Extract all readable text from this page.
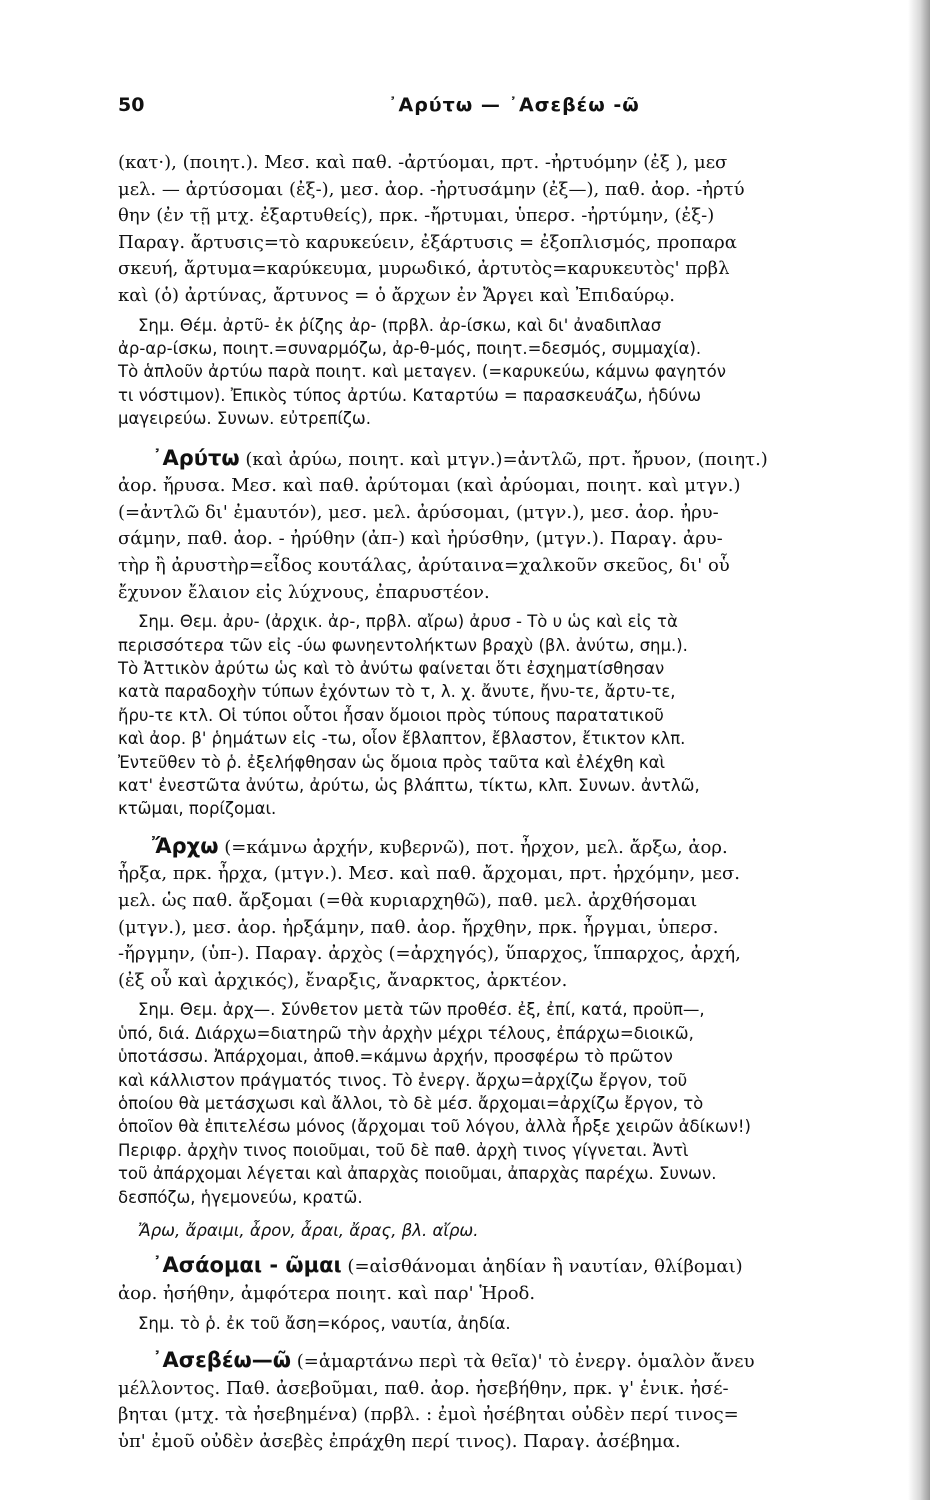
50	᾿Αρύτω — ᾿Ασεβέω -ῶ
(κατ·), (ποιητ.). Μεσ. καὶ παθ. -ἀρτύομαι, πρτ. -ἠρτυόμην (ἐξ ), μεσ
μελ. — ἀρτύσομαι (ἐξ-), μεσ. ἀορ. -ἠρτυσάμην (ἐξ—), παθ. ἀορ. -ἠρτύ
θην (ἐν τῇ μτχ. ἐξαρτυθείς), πρκ. -ἤρτυμαι, ὑπερσ. -ἠρτύμην, (ἐξ-)
Παραγ. ἄρτυσις=τὸ καρυκεύειν, ἐξάρτυσις = ἐξοπλισμός, προπαρα
σκευή, ἄρτυμα=καρύκευμα, μυρωδικό, ἀρτυτὸς=καρυκευτὸς' πρβλ
καὶ (ὁ) ἀρτύνας, ἄρτυνος = ὁ ἄρχων ἐν Ἄργει καὶ Ἐπιδαύρῳ.
Σημ. Θέμ. ἀρτῦ- ἐκ ῥίζης ἀρ- (πρβλ. ἀρ-ίσκω, καὶ δι' ἀναδιπλασ
ἀρ-αρ-ίσκω, ποιητ.=συναρμόζω, ἀρ-θ-μός, ποιητ.=δεσμός, συμμαχία).
Τὸ ἁπλοῦν ἀρτύω παρὰ ποιητ. καὶ μεταγεν. (=καρυκεύω, κάμνω φαγητόν
τι νόστιμον). Ἐπικὸς τύπος ἀρτύω. Καταρτύω = παρασκευάζω, ἡδύνω
μαγειρεύω. Συνων. εὐτρεπίζω.
᾿Αρύτω (καὶ ἀρύω, ποιητ. καὶ μτγν.)=ἀντλῶ, πρτ. ἤρυον, (ποιητ.)
ἀορ. ἤρυσα. Μεσ. καὶ παθ. ἀρύτομαι (καὶ ἀρύομαι, ποιητ. καὶ μτγν.)
(=ἀντλῶ δι' ἐμαυτόν), μεσ. μελ. ἀρύσομαι, (μτγν.), μεσ. ἀορ. ἠρυ-
σάμην, παθ. ἀορ. - ἠρύθην (ἀπ-) καὶ ἠρύσθην, (μτγν.). Παραγ. ἀρυ-
τὴρ ἢ ἀρυστὴρ=εἶδος κουτάλας, ἀρύταινα=χαλκοῦν σκεῦος, δι' οὗ
ἔχυνον ἔλαιον εἰς λύχνους, ἐπαρυστέον.
Σημ. Θεμ. ἀρυ- (ἀρχικ. ἀρ-, πρβλ. αἴρω) ἀρυσ - Τὸ υ ὡς καὶ εἰς τὰ
περισσότερα τῶν εἰς -ύω φωνηεντολήκτων βραχὺ (βλ. ἀνύτω, σημ.).
Τὸ Ἀττικὸν ἀρύτω ὡς καὶ τὸ ἀνύτω φαίνεται ὅτι ἐσχηματίσθησαν
κατὰ παραδοχὴν τύπων ἐχόντων τὸ τ, λ. χ. ἄνυτε, ἤνυ-τε, ἄρτυ-τε,
ἤρυ-τε κτλ. Οἱ τύποι οὗτοι ἦσαν ὅμοιοι πρὸς τύπους παρατατικοῦ
καὶ ἀορ. β' ῥημάτων εἰς -τω, οἷον ἔβλαπτον, ἔβλαστον, ἔτικτον κλπ.
Ἐντεῦθεν τὸ ῥ. ἐξελήφθησαν ὡς ὅμοια πρὸς ταῦτα καὶ ἐλέχθη καὶ
κατ' ἐνεστῶτα ἀνύτω, ἀρύτω, ὡς βλάπτω, τίκτω, κλπ. Συνων. ἀντλῶ,
κτῶμαι, πορίζομαι.
Ἄρχω (=κάμνω ἀρχήν, κυβερνῶ), ποτ. ἦρχον, μελ. ἄρξω, ἀορ.
ἦρξα, πρκ. ἦρχα, (μτγν.). Μεσ. καὶ παθ. ἄρχομαι, πρτ. ἠρχόμην, μεσ.
μελ. ὡς παθ. ἄρξομαι (=θὰ κυριαρχηθῶ), παθ. μελ. ἀρχθήσομαι
(μτγν.), μεσ. ἀορ. ἠρξάμην, παθ. ἀορ. ἤρχθην, πρκ. ἦργμαι, ὑπερσ.
-ἤργμην, (ὑπ-). Παραγ. ἀρχὸς (=ἀρχηγός), ὕπαρχος, ἵππαρχος, ἀρχή,
(ἐξ οὗ καὶ ἀρχικός), ἔναρξις, ἄναρκτος, ἀρκτέον.
Σημ. Θεμ. ἀρχ—. Σύνθετον μετὰ τῶν προθέσ. ἐξ, ἐπί, κατά, προϋπ—,
ὑπό, διά. Διάρχω=διατηρῶ τὴν ἀρχὴν μέχρι τέλους, ἐπάρχω=διοικῶ,
ὑποτάσσω. Ἀπάρχομαι, ἀποθ.=κάμνω ἀρχήν, προσφέρω τὸ πρῶτον
καὶ κάλλιστον πράγματός τινος. Τὸ ἐνεργ. ἄρχω=ἀρχίζω ἔργον, τοῦ
ὁποίου θὰ μετάσχωσι καὶ ἄλλοι, τὸ δὲ μέσ. ἄρχομαι=ἀρχίζω ἔργον, τὸ
ὁποῖον θὰ ἐπιτελέσω μόνος (ἄρχομαι τοῦ λόγου, ἀλλὰ ἦρξε χειρῶν ἀδίκων!)
Περιφρ. ἀρχὴν τινος ποιοῦμαι, τοῦ δὲ παθ. ἀρχὴ τινος γίγνεται. Ἀντὶ
τοῦ ἀπάρχομαι λέγεται καὶ ἀπαρχὰς ποιοῦμαι, ἀπαρχὰς παρέχω. Συνων.
δεσπόζω, ἡγεμονεύω, κρατῶ.
Ἄρω, ἄραιμι, ἆρον, ἆραι, ἄρας, βλ. αἴρω.
᾿Ασάομαι - ῶμαι (=αἰσθάνομαι ἀηδίαν ἢ ναυτίαν, θλίβομαι)
ἀορ. ἠσήθην, ἀμφότερα ποιητ. καὶ παρ' Ἡροδ.
Σημ. τὸ ῥ. ἐκ τοῦ ἄση=κόρος, ναυτία, ἀηδία.
᾿Ασεβέω—ῶ (=ἁμαρτάνω περὶ τὰ θεῖα)' τὸ ἐνεργ. ὁμαλὸν ἄνευ
μέλλοντος. Παθ. ἀσεβοῦμαι, παθ. ἀορ. ἠσεβήθην, πρκ. γ' ἑνικ. ἠσέ-
βηται (μτχ. τὰ ἠσεβημένα) (πρβλ. : ἐμοὶ ἠσέβηται οὐδὲν περί τινος=
ὑπ' ἐμοῦ οὐδὲν ἀσεβὲς ἐπράχθη περί τινος). Παραγ. ἀσέβημα.
